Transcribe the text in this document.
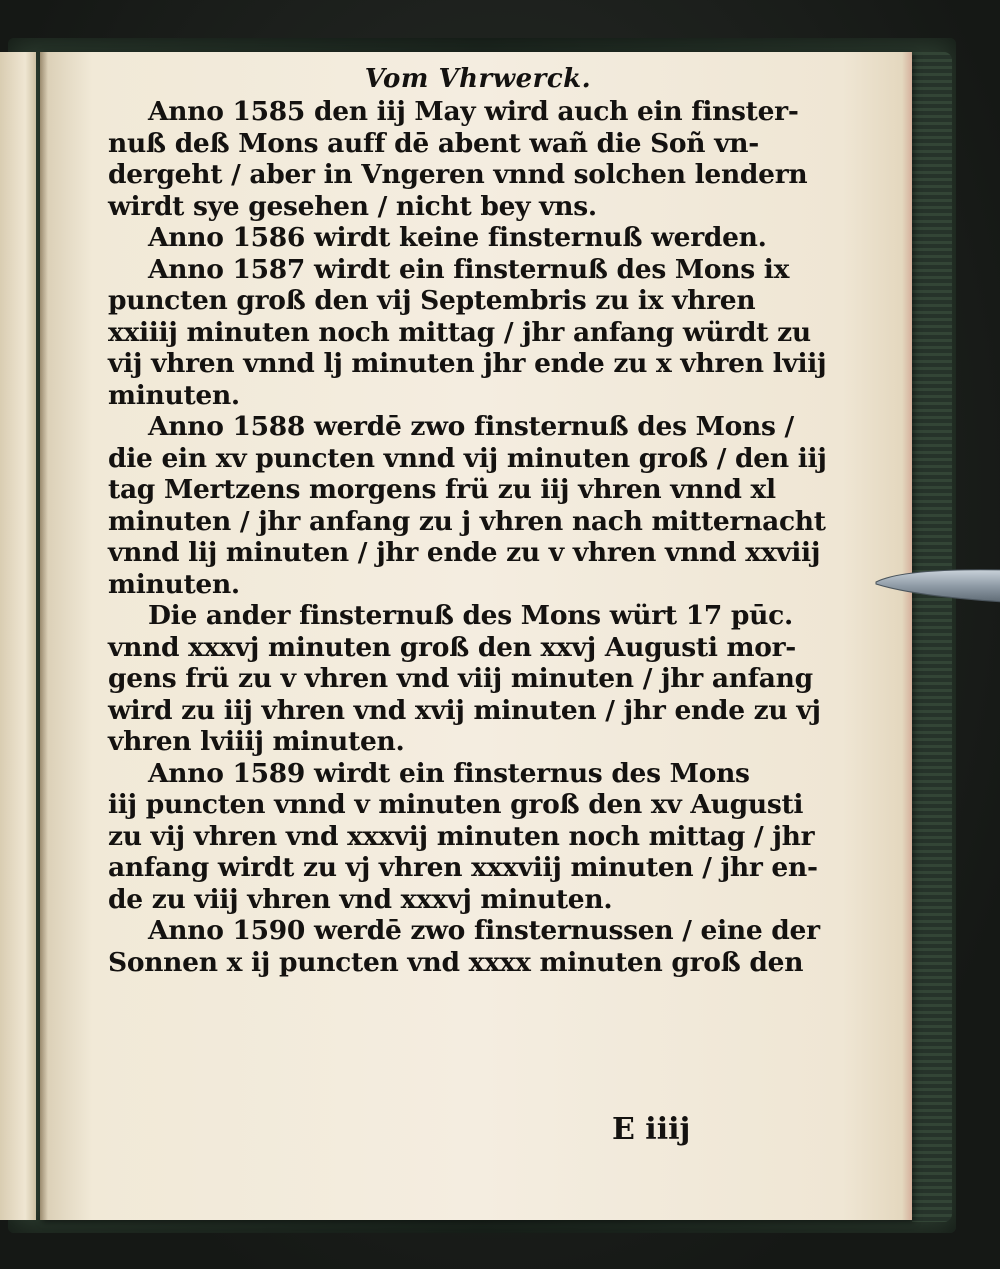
Vom Vhrwerck.
Anno 1585 den iij May wird auch ein finster-
nuß deß Mons auff dē abent wañ die Soñ vn-
dergeht / aber in Vngeren vnnd solchen lendern
wirdt sye gesehen / nicht bey vns.
Anno 1586 wirdt keine finsternuß werden.
Anno 1587 wirdt ein finsternuß des Mons ix
puncten groß den vij Septembris zu ix vhren
xxiiij minuten noch mittag / jhr anfang würdt zu
vij vhren vnnd lj minuten jhr ende zu x vhren lviij
minuten.
Anno 1588 werdē zwo finsternuß des Mons /
die ein xv puncten vnnd vij minuten groß / den iij
tag Mertzens morgens frü zu iij vhren vnnd xl
minuten / jhr anfang zu j vhren nach mitternacht
vnnd lij minuten / jhr ende zu v vhren vnnd xxviij
minuten.
Die ander finsternuß des Mons würt 17 pūc.
vnnd xxxvj minuten groß den xxvj Augusti mor-
gens frü zu v vhren vnd viij minuten / jhr anfang
wird zu iij vhren vnd xvij minuten / jhr ende zu vj
vhren lviiij minuten.
Anno 1589 wirdt ein finsternus des Mons
iij puncten vnnd v minuten groß den xv Augusti
zu vij vhren vnd xxxvij minuten noch mittag / jhr
anfang wirdt zu vj vhren xxxviij minuten / jhr en-
de zu viij vhren vnd xxxvj minuten.
Anno 1590 werdē zwo finsternussen / eine der
Sonnen x ij puncten vnd xxxx minuten groß den
E iiij
